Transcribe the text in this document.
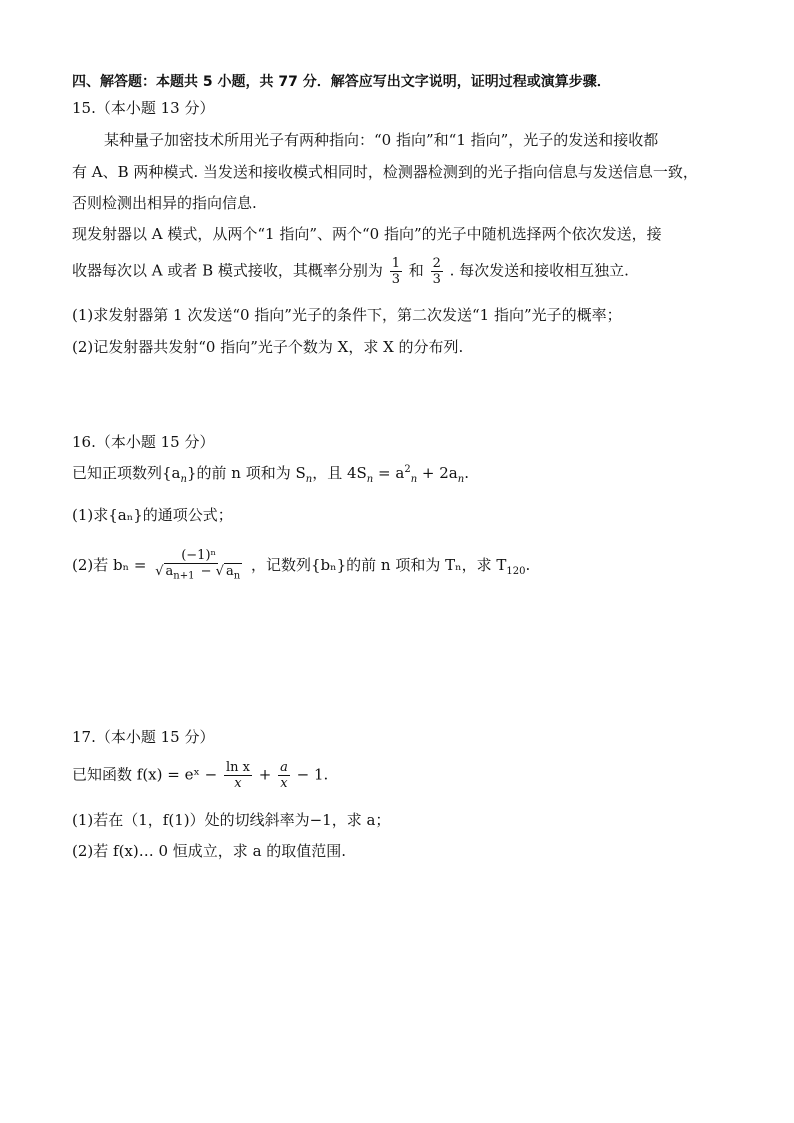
四、解答题：本题共 5 小题，共 77 分．解答应写出文字说明，证明过程或演算步骤．
15.（本小题 13 分）
某种量子加密技术所用光子有两种指向：“0 指向”和“1 指向”，光子的发送和接收都
有 A、B 两种模式. 当发送和接收模式相同时，检测器检测到的光子指向信息与发送信息一致，
否则检测出相异的指向信息.
现发射器以 A 模式，从两个“1 指向”、两个“0 指向”的光子中随机选择两个依次发送，接
收器每次以 A 或者 B 模式接收，其概率分别为 $\frac{1}{3}$ 和 $\frac{2}{3}$ . 每次发送和接收相互独立.
(1)求发射器第 1 次发送“0 指向”光子的条件下，第二次发送“1 指向”光子的概率；
(2)记发射器共发射“0 指向”光子个数为 X，求 X 的分布列.
16.（本小题 15 分）
已知正项数列$\{a_n\}$的前 n 项和为 $S_n$，且 $4S_n = a^2_n + 2a_n$.
(1)求{aₙ}的通项公式；
(2)若 $b_n = \frac{\text{(−1)ⁿ}}{√ a_{n+1} - √ a_n}$ ，记数列{bₙ}的前 n 项和为 Tₙ，求 $T_{120}$.
17.（本小题 15 分）
已知函数 f(x) = eˣ − $\frac{\text{ln x}}{x} + \frac{a}{x} - 1$.
(1)若在（1，f(1)）处的切线斜率为−1，求 a；
(2)若 f(x)… 0 恒成立，求 a 的取值范围.
